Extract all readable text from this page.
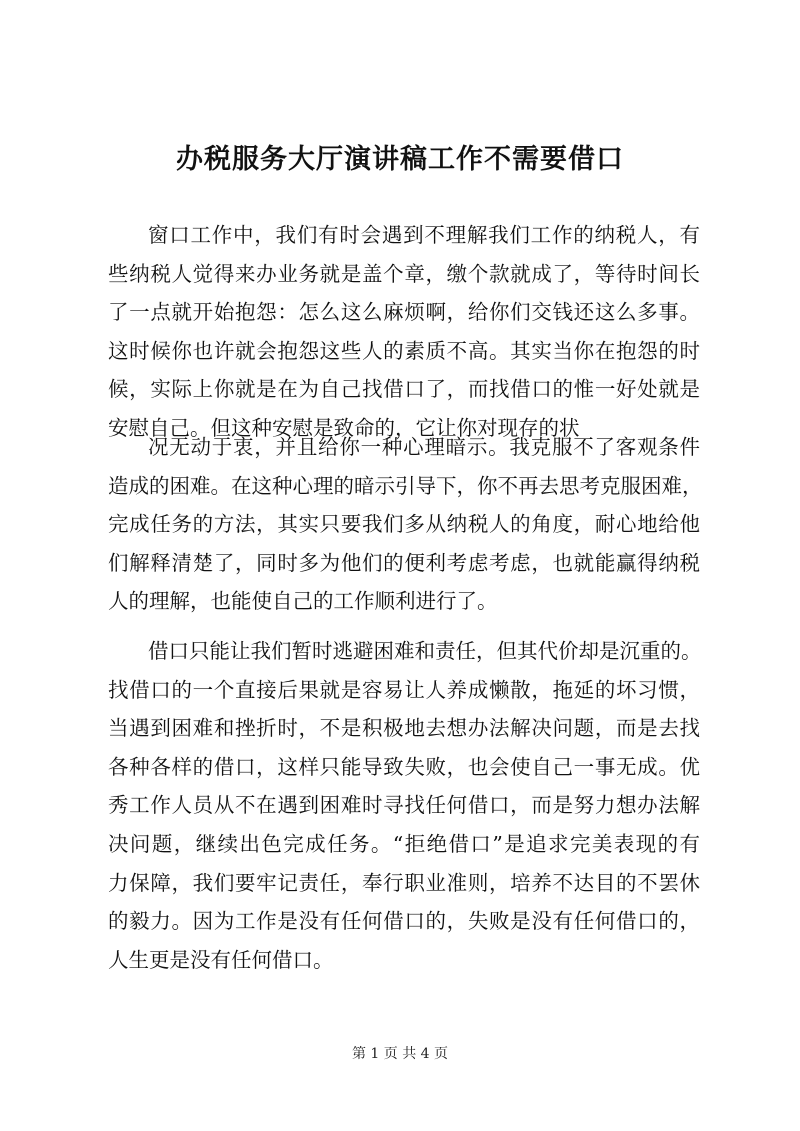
办税服务大厅演讲稿工作不需要借口
窗口工作中，我们有时会遇到不理解我们工作的纳税人，有
些纳税人觉得来办业务就是盖个章，缴个款就成了，等待时间长
了一点就开始抱怨：怎么这么麻烦啊，给你们交钱还这么多事。
这时候你也许就会抱怨这些人的素质不高。其实当你在抱怨的时
候，实际上你就是在为自己找借口了，而找借口的惟一好处就是
安慰自己。但这种安慰是致命的，它让你对现存的状
况无动于衷，并且给你一种心理暗示。我克服不了客观条件
造成的困难。在这种心理的暗示引导下，你不再去思考克服困难，
完成任务的方法，其实只要我们多从纳税人的角度，耐心地给他
们解释清楚了，同时多为他们的便利考虑考虑，也就能赢得纳税
人的理解，也能使自己的工作顺利进行了。
借口只能让我们暂时逃避困难和责任，但其代价却是沉重的。
找借口的一个直接后果就是容易让人养成懒散，拖延的坏习惯，
当遇到困难和挫折时，不是积极地去想办法解决问题，而是去找
各种各样的借口，这样只能导致失败，也会使自己一事无成。优
秀工作人员从不在遇到困难时寻找任何借口，而是努力想办法解
决问题，继续出色完成任务。“拒绝借口”是追求完美表现的有
力保障，我们要牢记责任，奉行职业准则，培养不达目的不罢休
的毅力。因为工作是没有任何借口的，失败是没有任何借口的，
人生更是没有任何借口。
第 1 页 共 4 页
